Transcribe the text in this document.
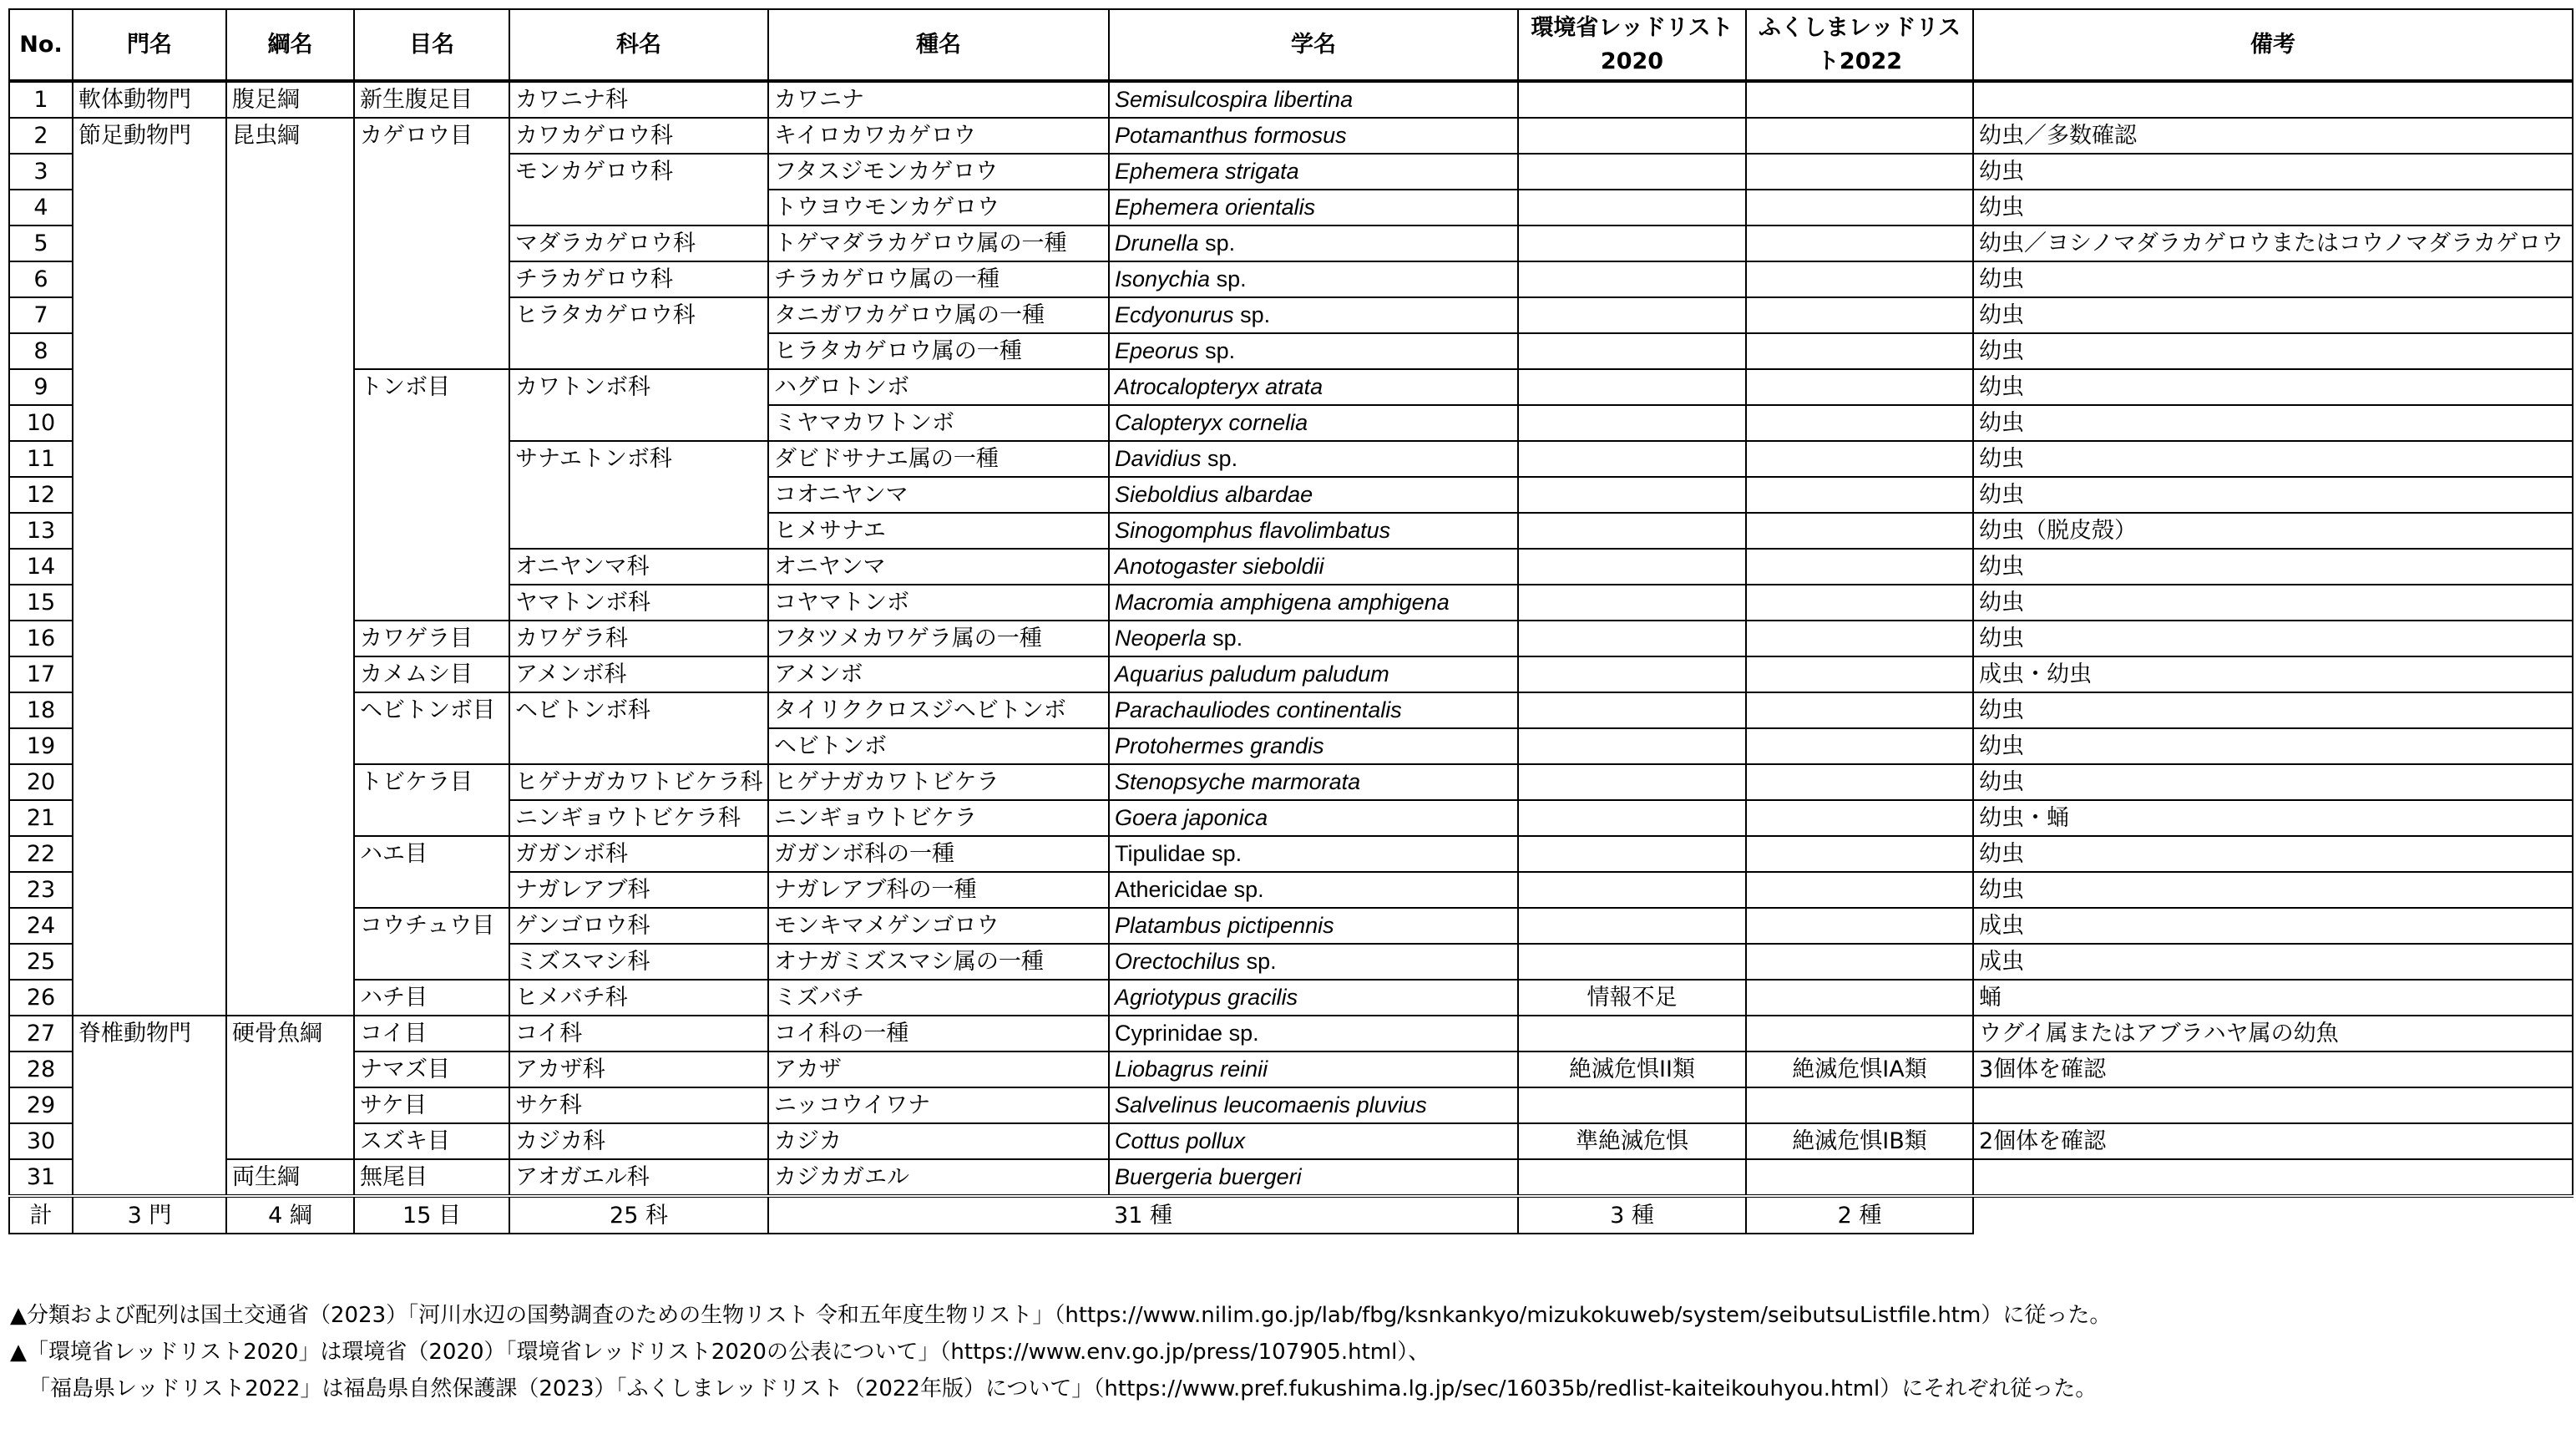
No.	門名	綱名	目名	科名	種名	学名	環境省レッドリスト2020	ふくしまレッドリスト2022	備考
1	軟体動物門	腹足綱	新生腹足目	カワニナ科	カワニナ	Semisulcospira libertina			
2	節足動物門	昆虫綱	カゲロウ目	カワカゲロウ科	キイロカワカゲロウ	Potamanthus formosus			幼虫／多数確認
3				モンカゲロウ科	フタスジモンカゲロウ	Ephemera strigata			幼虫
4					トウヨウモンカゲロウ	Ephemera orientalis			幼虫
5				マダラカゲロウ科	トゲマダラカゲロウ属の一種	Drunella sp.			幼虫／ヨシノマダラカゲロウまたはコウノマダラカゲロウ
6				チラカゲロウ科	チラカゲロウ属の一種	Isonychia sp.			幼虫
7				ヒラタカゲロウ科	タニガワカゲロウ属の一種	Ecdyonurus sp.			幼虫
8					ヒラタカゲロウ属の一種	Epeorus sp.			幼虫
9			トンボ目	カワトンボ科	ハグロトンボ	Atrocalopteryx atrata			幼虫
10					ミヤマカワトンボ	Calopteryx cornelia			幼虫
11				サナエトンボ科	ダビドサナエ属の一種	Davidius sp.			幼虫
12					コオニヤンマ	Sieboldius albardae			幼虫
13					ヒメサナエ	Sinogomphus flavolimbatus			幼虫（脱皮殻）
14				オニヤンマ科	オニヤンマ	Anotogaster sieboldii			幼虫
15				ヤマトンボ科	コヤマトンボ	Macromia amphigena amphigena			幼虫
16			カワゲラ目	カワゲラ科	フタツメカワゲラ属の一種	Neoperla sp.			幼虫
17			カメムシ目	アメンボ科	アメンボ	Aquarius paludum paludum			成虫・幼虫
18			ヘビトンボ目	ヘビトンボ科	タイリククロスジヘビトンボ	Parachauliodes continentalis			幼虫
19					ヘビトンボ	Protohermes grandis			幼虫
20			トビケラ目	ヒゲナガカワトビケラ科	ヒゲナガカワトビケラ	Stenopsyche marmorata			幼虫
21				ニンギョウトビケラ科	ニンギョウトビケラ	Goera japonica			幼虫・蛹
22			ハエ目	ガガンボ科	ガガンボ科の一種	Tipulidae sp.			幼虫
23				ナガレアブ科	ナガレアブ科の一種	Athericidae sp.			幼虫
24			コウチュウ目	ゲンゴロウ科	モンキマメゲンゴロウ	Platambus pictipennis			成虫
25				ミズスマシ科	オナガミズスマシ属の一種	Orectochilus sp.			成虫
26			ハチ目	ヒメバチ科	ミズバチ	Agriotypus gracilis	情報不足		蛹
27	脊椎動物門	硬骨魚綱	コイ目	コイ科	コイ科の一種	Cyprinidae sp.			ウグイ属またはアブラハヤ属の幼魚
28			ナマズ目	アカザ科	アカザ	Liobagrus reinii	絶滅危惧II類	絶滅危惧IA類	3個体を確認
29			サケ目	サケ科	ニッコウイワナ	Salvelinus leucomaenis pluvius			
30			スズキ目	カジカ科	カジカ	Cottus pollux	準絶滅危惧	絶滅危惧IB類	2個体を確認
31		両生綱	無尾目	アオガエル科	カジカガエル	Buergeria buergeri			
計	3 門	4 綱	15 目	25 科	31 種		3 種	2 種	
▲分類および配列は国土交通省（2023）「河川水辺の国勢調査のための生物リスト 令和五年度生物リスト」（https://www.nilim.go.jp/lab/fbg/ksnkankyo/mizukokuweb/system/seibutsuListfile.htm）に従った。
▲「環境省レッドリスト2020」は環境省（2020）「環境省レッドリスト2020の公表について」（https://www.env.go.jp/press/107905.html）、
「福島県レッドリスト2022」は福島県自然保護課（2023）「ふくしまレッドリスト（2022年版）について」（https://www.pref.fukushima.lg.jp/sec/16035b/redlist-kaiteikouhyou.html）にそれぞれ従った。
